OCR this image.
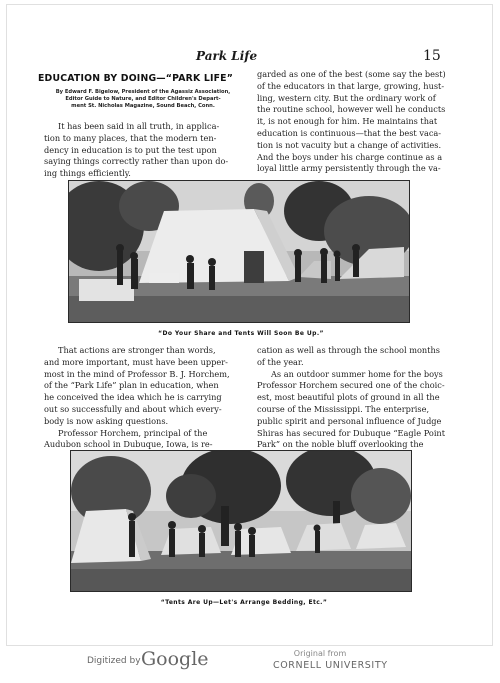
Park Life	15
EDUCATION BY DOING—“PARK LIFE”
By Edward F. Bigelow, President of the Agassiz Association,
Editor Guide to Nature, and Editor Children's Depart-
ment St. Nicholas Magazine, Sound Beach, Conn.

It has been said in all truth, in applica-

tion to many places, that the modern ten-

dency in education is to put the test upon

saying things correctly rather than upon do-

ing things efficiently.

garded as one of the best (some say the best)

of the educators in that large, growing, hust-

ling, western city. But the ordinary work of

the routine school, however well he conducts

it, is not enough for him. He maintains that

education is continuous—that the best vaca-

tion is not vacuity but a change of activities.

And the boys under his charge continue as a

loyal little army persistently through the va-

“Do Your Share and Tents Will Soon Be Up.”

That actions are stronger than words,

and more important, must have been upper-

most in the mind of Professor B. J. Horchem,

of the “Park Life” plan in education, when

he conceived the idea which he is carrying

out so successfully and about which every-

body is now asking questions.

Professor Horchem, principal of the

Audubon school in Dubuque, Iowa, is re-

cation as well as through the school months

of the year.

As an outdoor summer home for the boys

Professor Horchem secured one of the choic-

est, most beautiful plots of ground in all the

course of the Mississippi. The enterprise,

public spirit and personal influence of Judge

Shiras has secured for Dubuque “Eagle Point

Park” on the noble bluff overlooking the

“Tents Are Up—Let's Arrange Bedding, Etc.”
Digitized by Google	Original from
CORNELL UNIVERSITY
